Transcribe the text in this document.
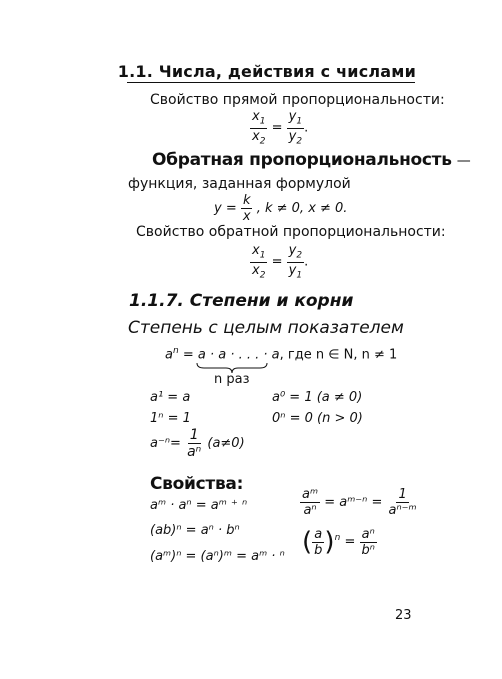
1.1. Числа, действия с числами
Свойство прямой пропорциональности:
$\frac{x_1}{x_2} = \frac{y_1}{y_2}$ .
Обратная пропорциональность —
функция, заданная формулой
$y = \frac{k}{x}$ , k ≠ 0, x ≠ 0.
Свойство обратной пропорциональности:
$\frac{x_1}{x_2} = \frac{y_2}{y_1}$ .
1.1.7. Степени и корни
Степень с целым показателем
$a^n = a \cdot a$ · . . . · a, где n ∈ N, n ≠ 1
n раз
a¹ = a	a⁰ = 1 (a ≠ 0)
1ⁿ = 1	0ⁿ = 0 (n > 0)
$a^{-n}= \frac{1}{\text{aⁿ}} (a\ne 0)$
Свойства:
aᵐ · aⁿ = aᵐ ⁺ ⁿ
(ab)ⁿ = aⁿ · bⁿ
(aᵐ)ⁿ = (aⁿ)ᵐ = aᵐ · ⁿ
$\frac{\text{aᵐ}}{\text{aⁿ}}$ = aᵐ⁻ⁿ = $\frac{1}{\text{aⁿ⁻ᵐ}}$
( $\frac{a}{b} )^n = \frac{\text{aⁿ}}{\text{bⁿ}}$
23
